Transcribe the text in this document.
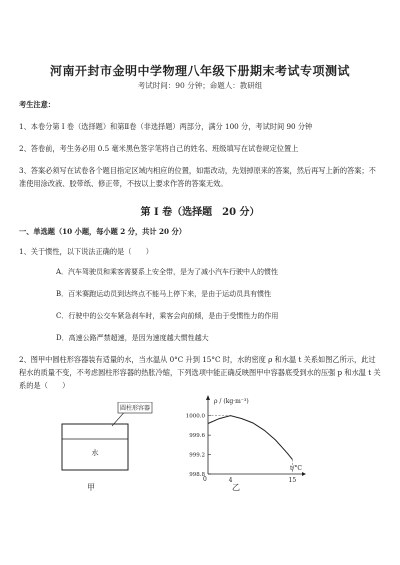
河南开封市金明中学物理八年级下册期末考试专项测试
考试时间：90 分钟；命题人：教研组
考生注意：
1、本卷分第 I 卷（选择题）和第Ⅱ卷（非选择题）两部分，满分 100 分，考试时间 90 分钟
2、答卷前，考生务必用 0.5 毫米黑色签字笔将自己的姓名、班级填写在试卷规定位置上
3、答案必须写在试卷各个题目指定区域内相应的位置，如需改动，先划掉原来的答案，然后再写上新的答案；不准使用涂改液、胶带纸、修正带，不按以上要求作答的答案无效。
第 I 卷（选择题　20 分）
一、单选题（10 小题，每小题 2 分，共计 20 分）
1、关于惯性，以下说法正确的是（　　）
A．汽车驾驶员和乘客需要系上安全带，是为了减小汽车行驶中人的惯性
B．百米赛跑运动员到达终点不能马上停下来，是由于运动员具有惯性
C．行驶中的公交车紧急刹车时，乘客会向前倾，是由于受惯性力的作用
D．高速公路严禁超速，是因为速度越大惯性越大
2、图甲中圆柱形容器装有适量的水，当水温从 0°C 升到 15°C 时，水的密度 ρ 和水温 t 关系如图乙所示，此过程水的质量不变，不考虑圆柱形容器的热胀冷缩，下列选项中能正确反映图甲中容器底受到水的压强 p 和水温 t 关系的是（　　）
圆柱形容器
水
甲
ρ / (kg·m⁻³)
t/°C
1000.0
999.6
999.2
998.8
0	4	15
乙
